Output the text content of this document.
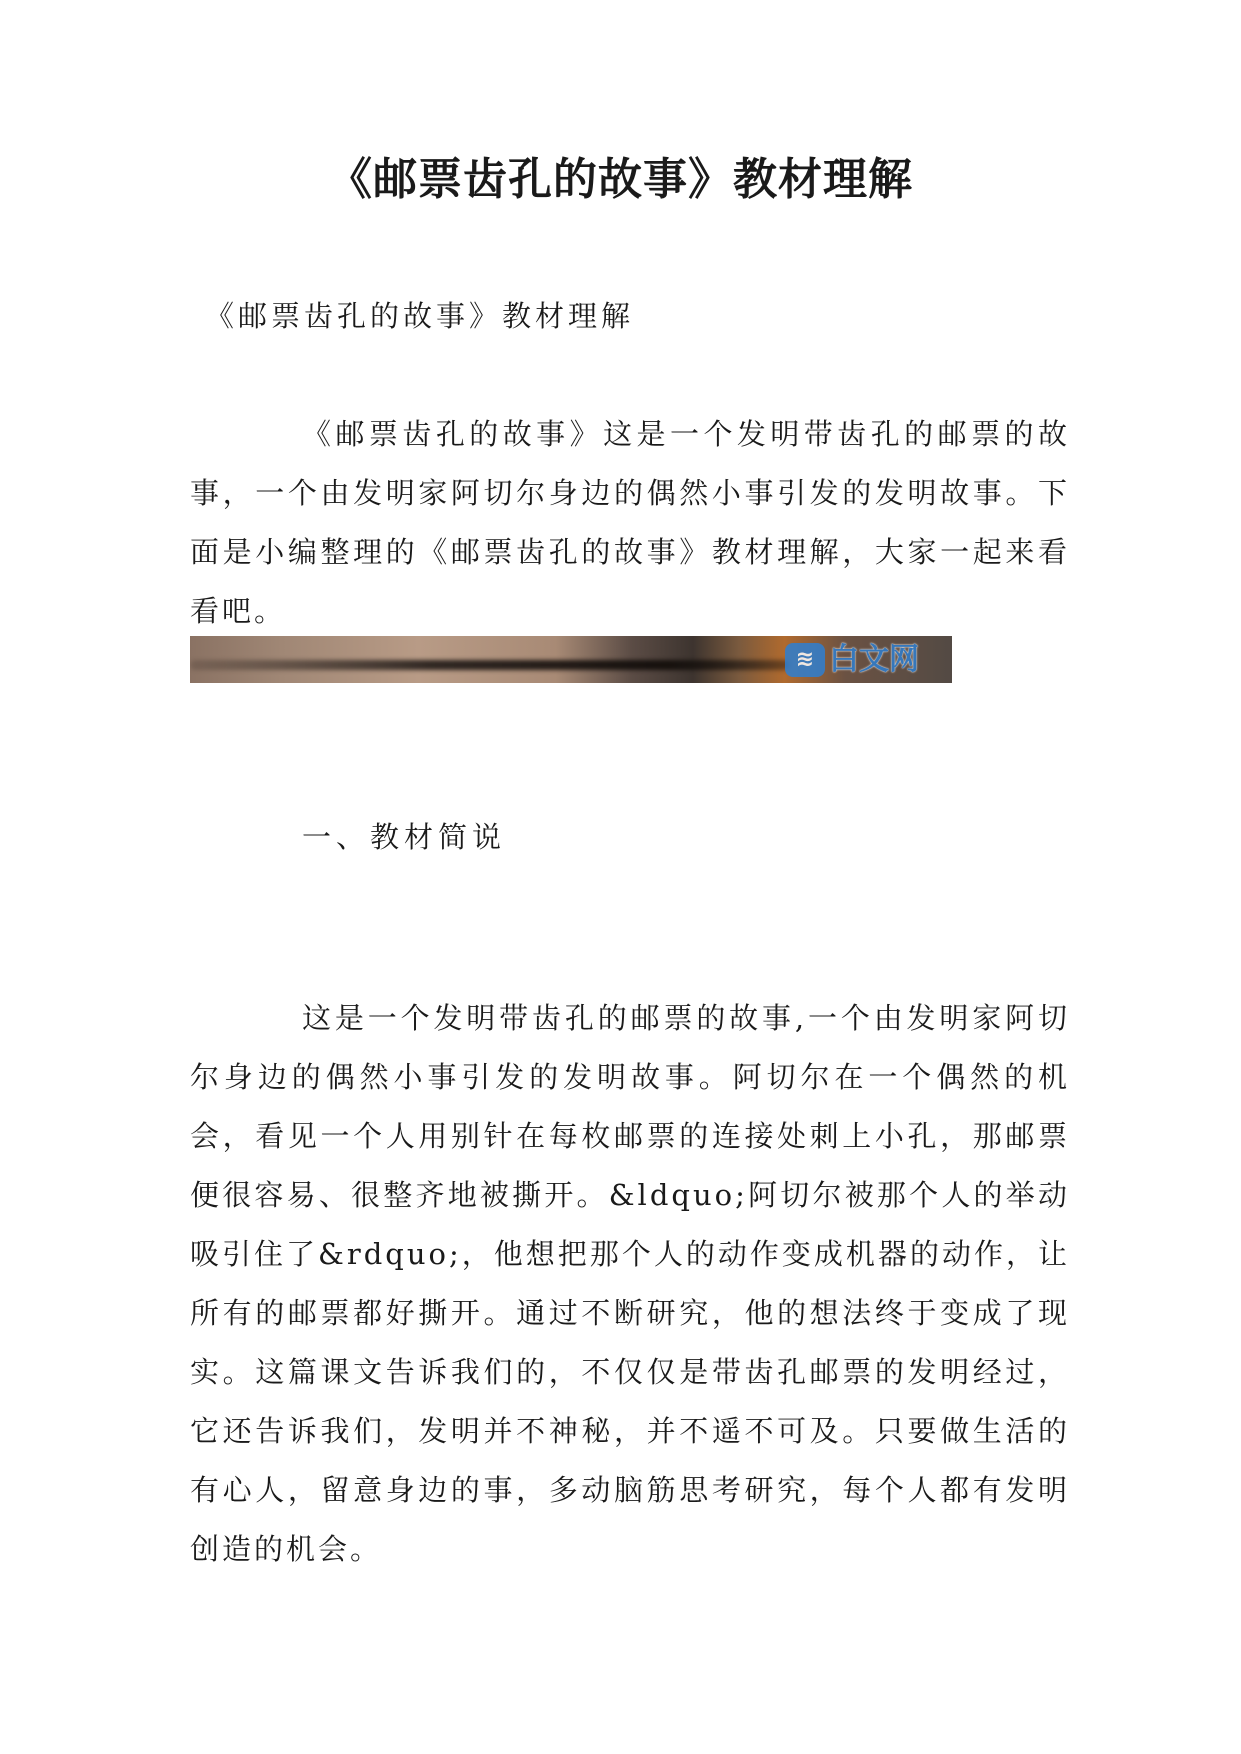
《邮票齿孔的故事》教材理解

《邮票齿孔的故事》教材理解

《邮票齿孔的故事》这是一个发明带齿孔的邮票的故事，一个由发明家阿切尔身边的偶然小事引发的发明故事。下面是小编整理的《邮票齿孔的故事》教材理解，大家一起来看看吧。

≋ 白文网

一、教材简说

这是一个发明带齿孔的邮票的故事,一个由发明家阿切尔身边的偶然小事引发的发明故事。阿切尔在一个偶然的机会，看见一个人用别针在每枚邮票的连接处刺上小孔，那邮票便很容易、很整齐地被撕开。&ldquo;阿切尔被那个人的举动吸引住了&rdquo;，他想把那个人的动作变成机器的动作，让所有的邮票都好撕开。通过不断研究，他的想法终于变成了现实。这篇课文告诉我们的，不仅仅是带齿孔邮票的发明经过，它还告诉我们，发明并不神秘，并不遥不可及。只要做生活的有心人，留意身边的事，多动脑筋思考研究，每个人都有发明创造的机会。
